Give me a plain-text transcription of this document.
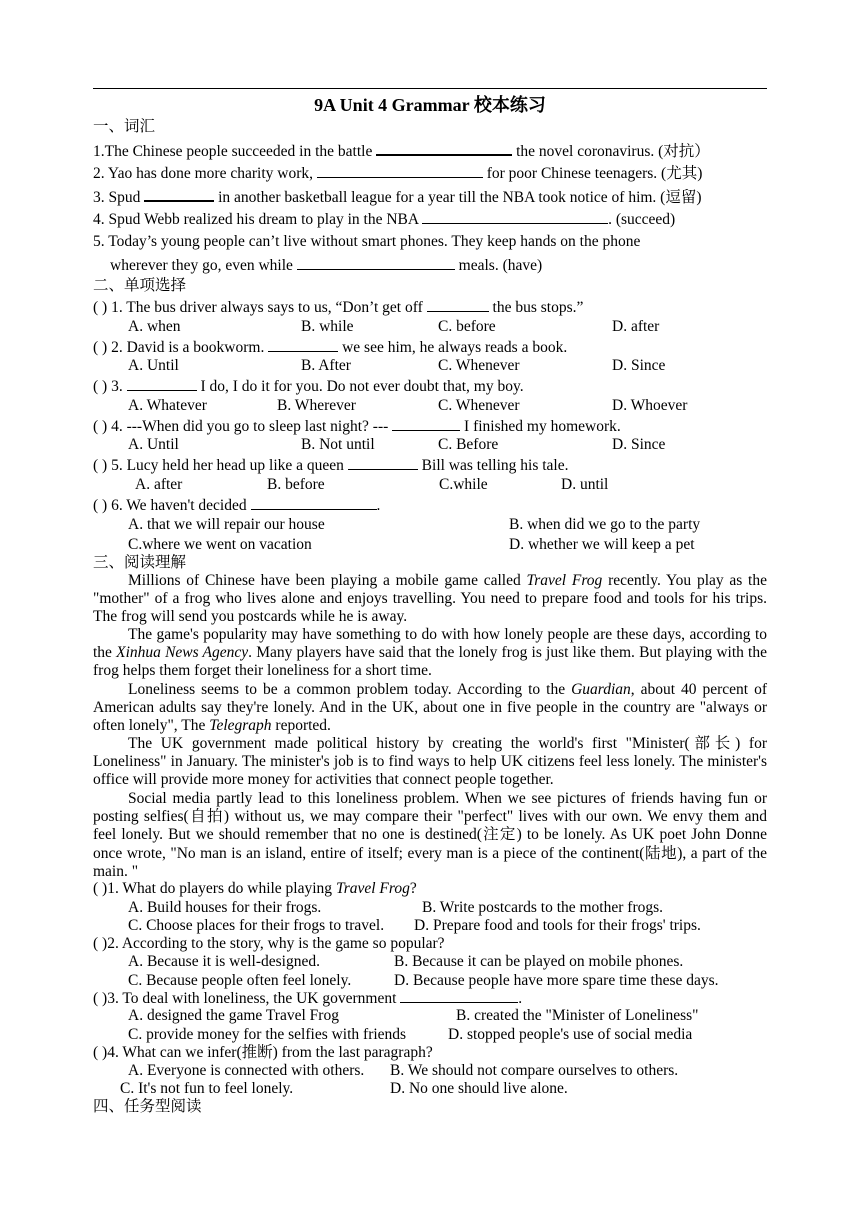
9A Unit 4 Grammar 校本练习
一、词汇
1.The Chinese people succeeded in the battle	the novel coronavirus. (对抗）
2. Yao has done more charity work,	for poor Chinese teenagers. (尤其)
3. Spud	in another basketball league for a year till the NBA took notice of him. (逗留)
4. Spud Webb realized his dream to play in the NBA	. (succeed)
5. Today’s young people can’t live without smart phones. They keep hands on the phone
wherever they go, even while	meals. (have)
二、单项选择
( ) 1. The bus driver always says to us, “Don’t get off	the bus stops.”
A. when	B. while	C. before	D. after
( ) 2. David is a bookworm.	we see him, he always reads a book.
A. Until	B. After	C. Whenever	D. Since
( ) 3.	I do, I do it for you. Do not ever doubt that, my boy.
A. Whatever	B. Wherever	C. Whenever	D. Whoever
( ) 4. ---When did you go to sleep last night? ---	I finished my homework.
A. Until	B. Not until	C. Before	D. Since
( ) 5. Lucy held her head up like a queen	Bill was telling his tale.
A. after	B. before	C.while	D. until
( ) 6. We haven't decided	.
A. that we will repair our house	B. when did we go to the party
C.where we went on vacation	D. whether we will keep a pet
三、阅读理解
Millions of Chinese have been playing a mobile game called Travel Frog recently. You play as the "mother" of a frog who lives alone and enjoys travelling. You need to prepare food and tools for his trips. The frog will send you postcards while he is away.
The game's popularity may have something to do with how lonely people are these days, according to the Xinhua News Agency. Many players have said that the lonely frog is just like them. But playing with the frog helps them forget their loneliness for a short time.
Loneliness seems to be a common problem today. According to the Guardian, about 40 percent of American adults say they're lonely. And in the UK, about one in five people in the country are "always or often lonely", The Telegraph reported.
The UK government made political history by creating the world's first "Minister(部长) for Loneliness" in January. The minister's job is to find ways to help UK citizens feel less lonely. The minister's office will provide more money for activities that connect people together.
Social media partly lead to this loneliness problem. When we see pictures of friends having fun or posting selfies(自拍) without us, we may compare their "perfect" lives with our own. We envy them and feel lonely. But we should remember that no one is destined(注定) to be lonely. As UK poet John Donne once wrote, "No man is an island, entire of itself; every man is a piece of the continent(陆地), a part of the main. "
( )1. What do players do while playing Travel Frog?
A. Build houses for their frogs.	B. Write postcards to the mother frogs.
C. Choose places for their frogs to travel. D. Prepare food and tools for their frogs' trips.
( )2. According to the story, why is the game so popular?
A. Because it is well-designed.	B. Because it can be played on mobile phones.
C. Because people often feel lonely.	D. Because people have more spare time these days.
( )3. To deal with loneliness, the UK government	.
A. designed the game Travel Frog	B. created the "Minister of Loneliness"
C. provide money for the selfies with friends	D. stopped people's use of social media
( )4. What can we infer(推断) from the last paragraph?
A. Everyone is connected with others. B. We should not compare ourselves to others.
C. It's not fun to feel lonely.	D. No one should live alone.
四、任务型阅读
